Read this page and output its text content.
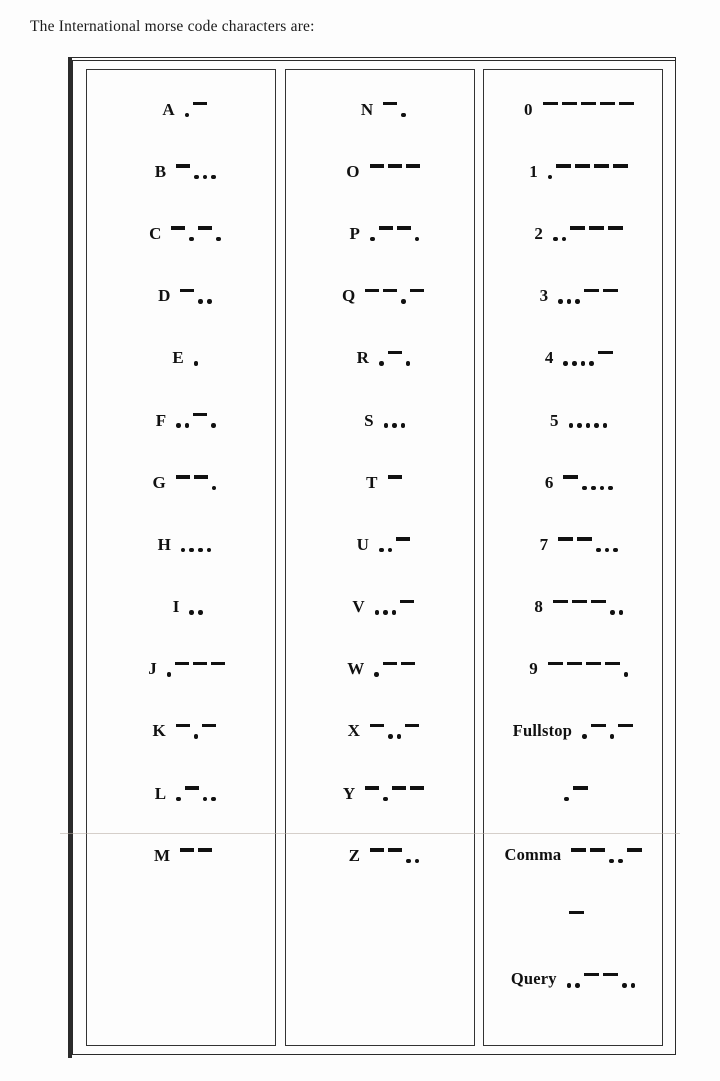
The International morse code characters are:
A
B
C
D
E
F
G
H
I
J
K
L
M
N
O
P
Q
R
S
T
U
V
W
X
Y
Z
0
1
2
3
4
5
6
7
8
9
Fullstop
Comma
Query
